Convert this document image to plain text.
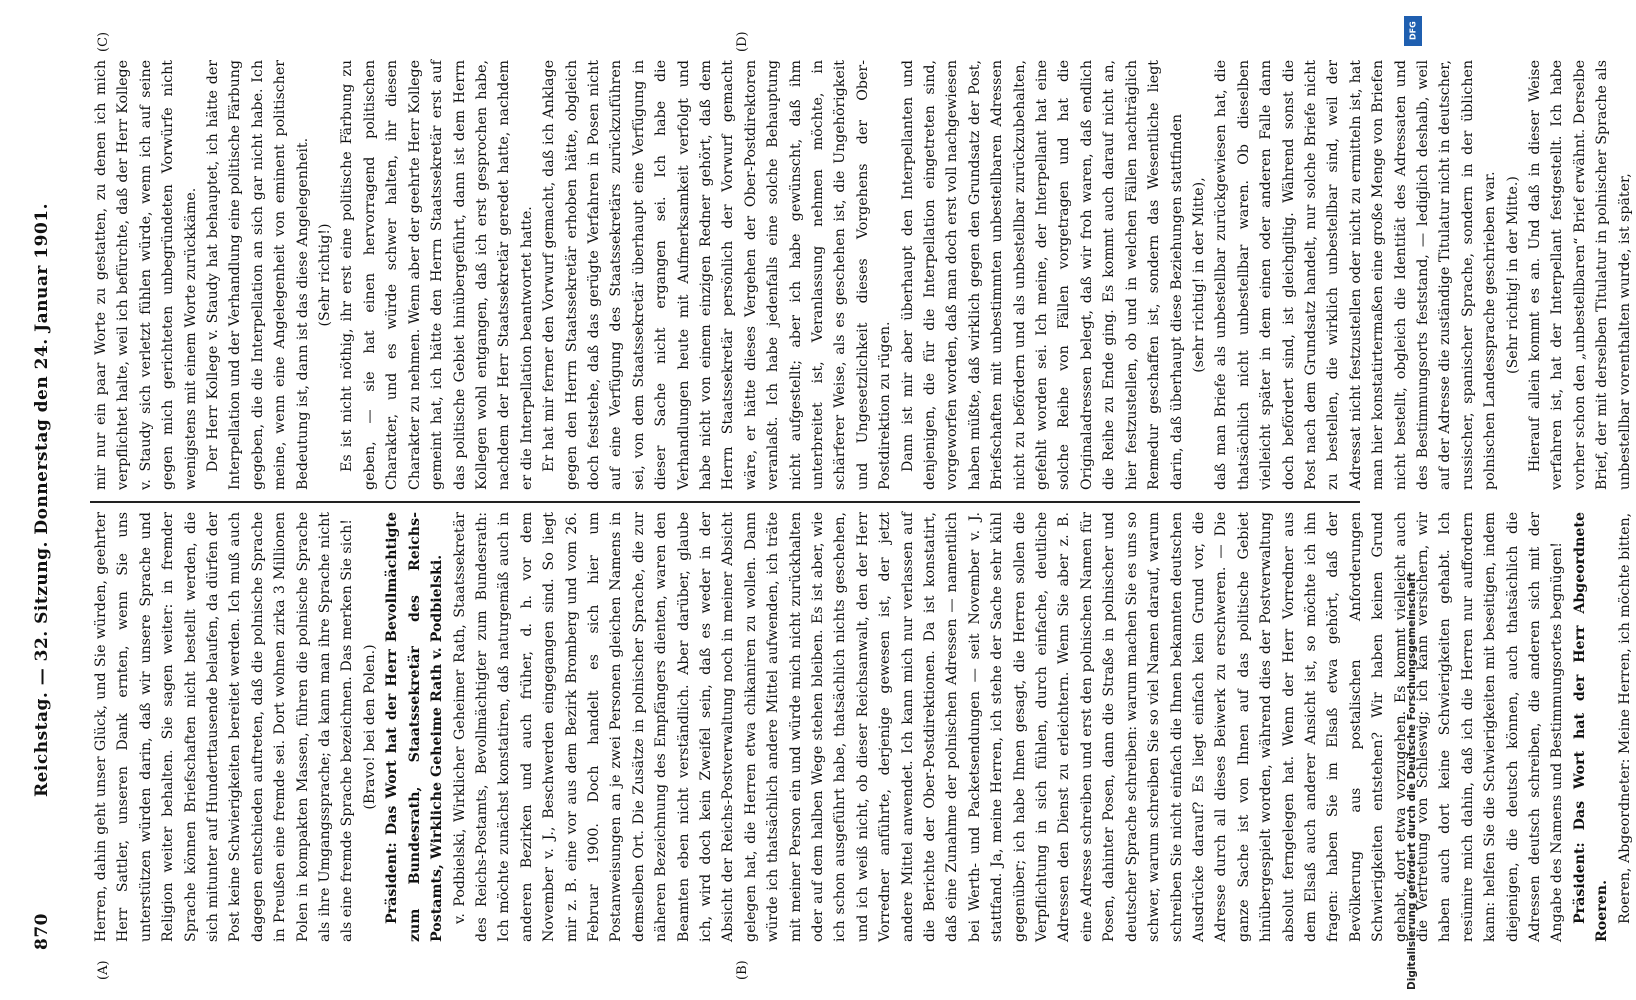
870
Reichstag. — 32. Sitzung. Donnerstag den 24. Januar 1901.
(A)	(B)
(C)	(D)

Herren, dahin geht unser Glück, und Sie würden, geehrter Herr Sattler, unseren Dank ernten, wenn Sie uns unterstützen würden darin, daß wir unsere Sprache und Religion weiter behalten. Sie sagen weiter: in fremder Sprache können Briefschaften nicht bestellt werden, die sich mitunter auf Hunderttausende belaufen, da dürfen der Post keine Schwierigkeiten bereitet werden. Ich muß auch dagegen entschieden auftreten, daß die polnische Sprache in Preußen eine fremde sei. Dort wohnen zirka 3 Millionen Polen in kompakten Massen, führen die polnische Sprache als ihre Umgangssprache; da kann man ihre Sprache nicht als eine fremde Sprache bezeichnen. Das merken Sie sich! (Bravo! bei den Polen.) Präsident: Das Wort hat der Herr Bevollmächtigte zum Bundesrath, Staatssekretär des Reichs-Postamts, Wirkliche Geheime Rath v. Podbielski. v. Podbielski, Wirklicher Geheimer Rath, Staatssekretär des Reichs-Postamts, Bevollmächtigter zum Bundesrath: Ich möchte zunächst konstatiren, daß naturgemäß auch in anderen Bezirken und auch früher, d. h. vor dem November v. J., Beschwerden eingegangen sind. So liegt mir z. B. eine vor aus dem Bezirk Bromberg und vom 26. Februar 1900. Doch handelt es sich hier um Postanweisungen an je zwei Personen gleichen Namens in demselben Ort. Die Zusätze in polnischer Sprache, die zur näheren Bezeichnung des Empfängers dienten, waren den Beamten eben nicht verständlich. Aber darüber, glaube ich, wird doch kein Zweifel sein, daß es weder in der Absicht der Reichs-Postverwaltung noch in meiner Absicht gelegen hat, die Herren etwa chikaniren zu wollen. Dann würde ich thatsächlich andere Mittel aufwenden, ich träte mit meiner Person ein und würde mich nicht zurückhalten oder auf dem halben Wege stehen bleiben. Es ist aber, wie ich schon ausgeführt habe, thatsächlich nichts geschehen, und ich weiß nicht, ob dieser Reichsanwalt, den der Herr Vorredner anführte, derjenige gewesen ist, der jetzt andere Mittel anwendet. Ich kann mich nur verlassen auf die Berichte der Ober-Postdirektionen. Da ist konstatirt, daß eine Zunahme der polnischen Adressen — namentlich bei Werth- und Packetsendungen — seit November v. J. stattfand. Ja, meine Herren, ich stehe der Sache sehr kühl gegenüber; ich habe Ihnen gesagt, die Herren sollen die Verpflichtung in sich fühlen, durch einfache, deutliche Adressen den Dienst zu erleichtern. Wenn Sie aber z. B. eine Adresse schreiben und erst den polnischen Namen für Posen, dahinter Posen, dann die Straße in polnischer und deutscher Sprache schreiben: warum machen Sie es uns so schwer, warum schreiben Sie so viel Namen darauf, warum schreiben Sie nicht einfach die Ihnen bekannten deutschen Ausdrücke darauf? Es liegt einfach kein Grund vor, die Adresse durch all dieses Beiwerk zu erschweren. — Die ganze Sache ist von Ihnen auf das politische Gebiet hinübergespielt worden, während dies der Postverwaltung absolut ferngelegen hat. Wenn der Herr Vorredner aus dem Elsaß auch anderer Ansicht ist, so möchte ich ihn fragen: haben Sie im Elsaß etwa gehört, daß der Bevölkerung aus postalischen Anforderungen Schwierigkeiten entstehen? Wir haben keinen Grund gehabt, dort etwa vorzugehen. Es kommt vielleicht auch die Vertretung von Schleswig; ich kann versichern, wir haben auch dort keine Schwierigkeiten gehabt. Ich resümire mich dahin, daß ich die Herren nur auffordern kann: helfen Sie die Schwierigkeiten mit beseitigen, indem diejenigen, die deutsch können, auch thatsächlich die Adressen deutsch schreiben, die anderen sich mit der Angabe des Namens und Bestimmungsortes begnügen! Präsident: Das Wort hat der Herr Abgeordnete Roeren. Roeren, Abgeordneter: Meine Herren, ich möchte bitten,

mir nur ein paar Worte zu gestatten, zu denen ich mich verpflichtet halte, weil ich befürchte, daß der Herr Kollege v. Staudy sich verletzt fühlen würde, wenn ich auf seine gegen mich gerichteten unbegründeten Vorwürfe nicht wenigstens mit einem Worte zurückkäme. Der Herr Kollege v. Staudy hat behauptet, ich hätte der Interpellation und der Verhandlung eine politische Färbung gegeben, die die Interpellation an sich gar nicht habe. Ich meine, wenn eine Angelegenheit von eminent politischer Bedeutung ist, dann ist das diese Angelegenheit. (Sehr richtig!) Es ist nicht nöthig, ihr erst eine politische Färbung zu geben, — sie hat einen hervorragend politischen Charakter, und es würde schwer halten, ihr diesen Charakter zu nehmen. Wenn aber der geehrte Herr Kollege gemeint hat, ich hätte den Herrn Staatssekretär erst auf das politische Gebiet hinübergeführt, dann ist dem Herrn Kollegen wohl entgangen, daß ich erst gesprochen habe, nachdem der Herr Staatssekretär geredet hatte, nachdem er die Interpellation beantwortet hatte. Er hat mir ferner den Vorwurf gemacht, daß ich Anklage gegen den Herrn Staatssekretär erhoben hätte, obgleich doch feststehe, daß das gerügte Verfahren in Posen nicht auf eine Verfügung des Staatssekretärs zurückzuführen sei, von dem Staatssekretär überhaupt eine Verfügung in dieser Sache nicht ergangen sei. Ich habe die Verhandlungen heute mit Aufmerksamkeit verfolgt und habe nicht von einem einzigen Redner gehört, daß dem Herrn Staatssekretär persönlich der Vorwurf gemacht wäre, er hätte dieses Vergehen der Ober-Postdirektoren veranlaßt. Ich habe jedenfalls eine solche Behauptung nicht aufgestellt; aber ich habe gewünscht, daß ihm unterbreitet ist, Veranlassung nehmen möchte, in schärferer Weise, als es geschehen ist, die Ungehörigkeit und Ungesetzlichkeit dieses Vorgehens der Ober-Postdirektion zu rügen. Dann ist mir aber überhaupt den Interpellanten und denjenigen, die für die Interpellation eingetreten sind, vorgeworfen worden, daß man doch erst voll nachgewiesen haben müßte, daß wirklich gegen den Grundsatz der Post, Briefschaften mit unbestimmten unbestellbaren Adressen nicht zu befördern und als unbestellbar zurückzubehalten, gefehlt worden sei. Ich meine, der Interpellant hat eine solche Reihe von Fällen vorgetragen und hat die Originaladressen belegt, daß wir froh waren, daß endlich die Reihe zu Ende ging. Es kommt auch darauf nicht an, hier festzustellen, ob und in welchen Fällen nachträglich Remedur geschaffen ist, sondern das Wesentliche liegt darin, daß überhaupt diese Beziehungen stattfinden (sehr richtig! in der Mitte), daß man Briefe als unbestellbar zurückgewiesen hat, die thatsächlich nicht unbestellbar waren. Ob dieselben vielleicht später in dem einen oder anderen Falle dann doch befördert sind, ist gleichgiltig. Während sonst die Post nach dem Grundsatz handelt, nur solche Briefe nicht zu bestellen, die wirklich unbestellbar sind, weil der Adressat nicht festzustellen oder nicht zu ermitteln ist, hat man hier konstatirtermaßen eine große Menge von Briefen nicht bestellt, obgleich die Identität des Adressaten und des Bestimmungsorts feststand, — lediglich deshalb, weil auf der Adresse die zuständige Titulatur nicht in deutscher, russischer, spanischer Sprache, sondern in der üblichen polnischen Landessprache geschrieben war. (Sehr richtig! in der Mitte.) Hierauf allein kommt es an. Und daß in dieser Weise verfahren ist, hat der Interpellant festgestellt. Ich habe vorher schon den „unbestellbaren“ Brief erwähnt. Derselbe Brief, der mit derselben Titulatur in polnischer Sprache als unbestellbar vorenthalten wurde, ist später,

DFG
Digitalisierung gefördert durch die Deutsche Forschungsgemeinschaft
